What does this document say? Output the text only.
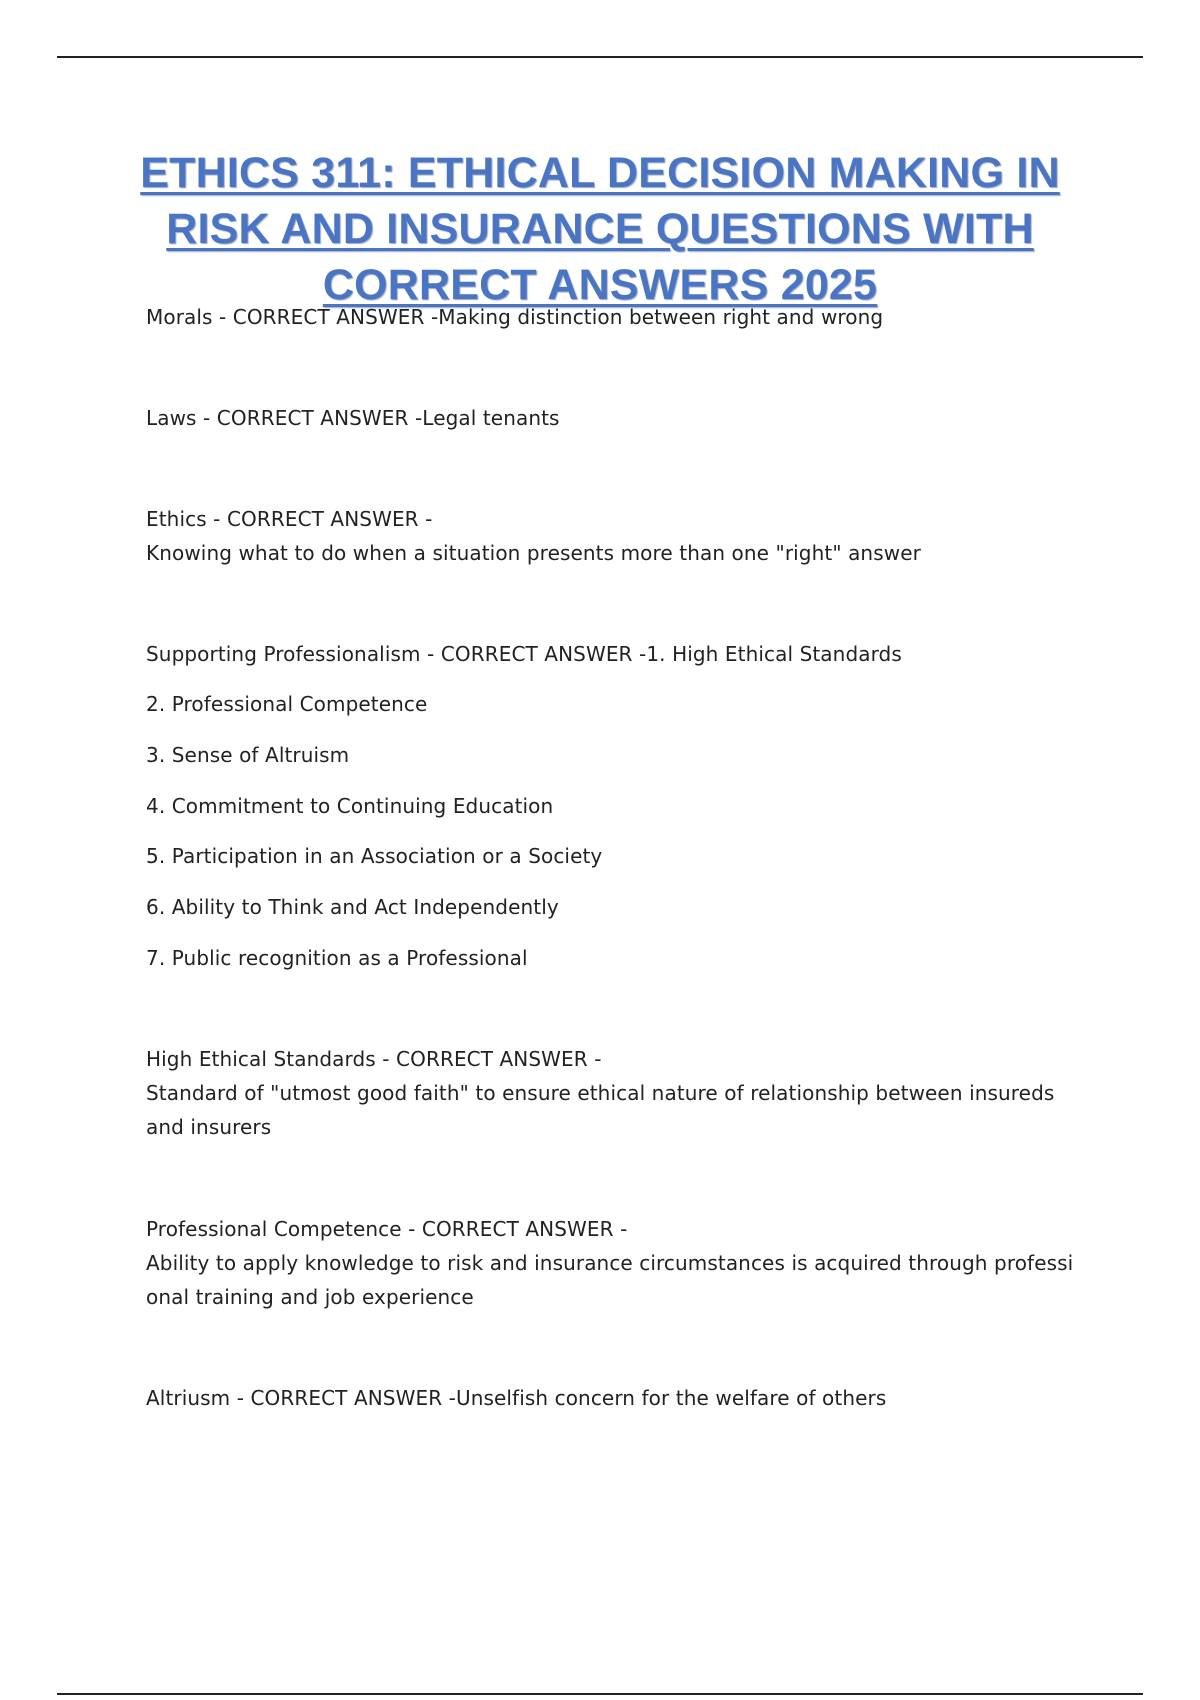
ETHICS 311: ETHICAL DECISION MAKING IN RISK AND INSURANCE QUESTIONS WITH CORRECT ANSWERS 2025
Morals - CORRECT ANSWER -Making distinction between right and wrong
Laws - CORRECT ANSWER -Legal tenants
Ethics - CORRECT ANSWER -
Knowing what to do when a situation presents more than one "right" answer
Supporting Professionalism - CORRECT ANSWER -1. High Ethical Standards
2. Professional Competence
3. Sense of Altruism
4. Commitment to Continuing Education
5. Participation in an Association or a Society
6. Ability to Think and Act Independently
7. Public recognition as a Professional
High Ethical Standards - CORRECT ANSWER -
Standard of "utmost good faith" to ensure ethical nature of relationship between insureds
and insurers
Professional Competence - CORRECT ANSWER -
Ability to apply knowledge to risk and insurance circumstances is acquired through professi
onal training and job experience
Altriusm - CORRECT ANSWER -Unselfish concern for the welfare of others
